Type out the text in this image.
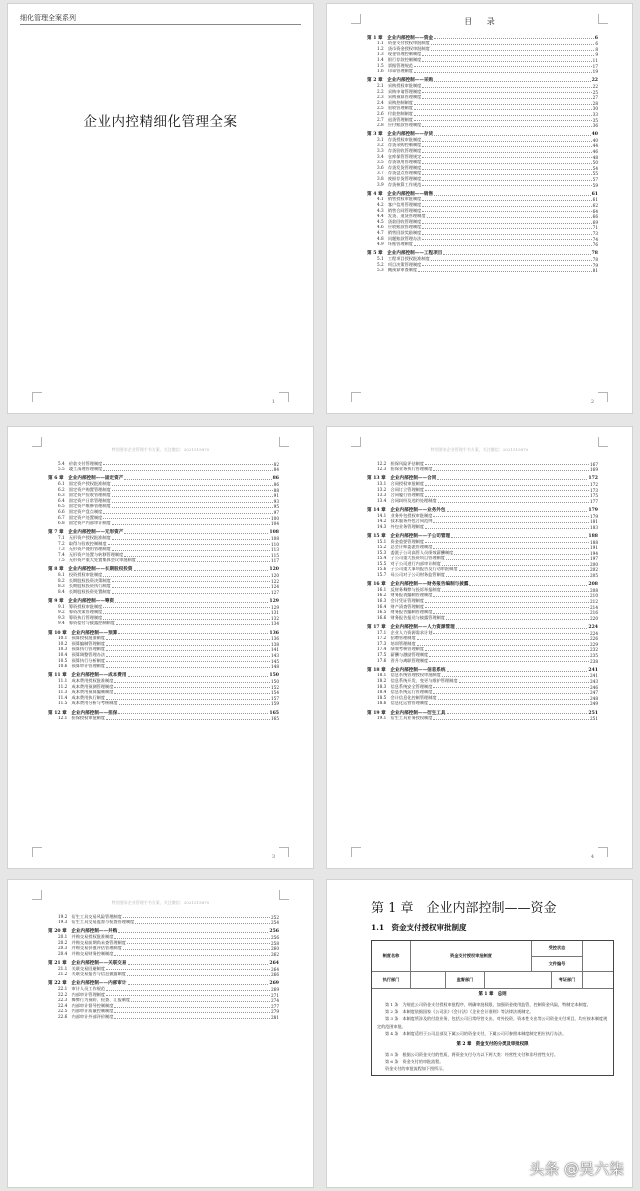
细化管理全案系列
企业内控精细化管理全案
1
目 录
第 1 章　企业内部控制——资金	6
1.1　资金支付授权审批制度	6
1.2　货币资金授权审批制度	8
1.3　现金管理控制制度	9
1.4　银行存款控制制度	11
1.5　票据管理规范	17
1.6　印章管理制度	19
第 2 章　企业内部控制——采购	22
2.1　采购授权审批制度	22
2.2　采购申请管理制度	25
2.3　采购预算管理制度	27
2.4　采购控制制度	28
2.5　验收管理制度	30
2.6　付款控制制度	33
2.7　退货管理制度	35
2.8　应付账款管理制度	36
第 3 章　企业内部控制——存货	40
3.1　存货授权审批制度	40
3.2　存货采购控制制度	44
3.3　存货验收管理制度	46
3.4　仓库保管管理规定	48
3.5　存货领用管理制度	50
3.6　存货发货管理制度	54
3.7　存货盘点管理制度	55
3.8　废损存货管理制度	57
3.9　存货核算工作规范	59
第 4 章　企业内部控制——销售	61
4.1　销售授权审批制度	61
4.2　客户信用管理制度	62
4.3　销售合同管理制度	64
4.4　发货、退货管理制度	66
4.5　货款回收管理制度	69
4.6　应收账款管理制度	71
4.7　销售回款奖励制度	73
4.8　问题账款管理办法	74
4.9　坏账管理制度	76
第 5 章　企业内部控制——工程项目	78
5.1　工程项目授权批准制度	78
5.2　项目决策管理制度	79
5.3　概预算审查制度	81
2
特别要求企业管理手书方案，关注微信：2021519870
5.4　价款支付管理制度	82
5.5　竣工清理管理制度	84
第 6 章　企业内部控制——固定资产	86
6.1　固定资产授权批准制度	86
6.2　固定资产购置管理制度	88
6.3　固定资产验收管理制度	91
6.4　固定资产日常管理制度	93
6.5　固定资产维修管理制度	95
6.6　固定资产盘点制度	97
6.7　固定资产处置制度	100
6.8　固定资产内部审计制度	104
第 7 章　企业内部控制——无形资产	108
7.1　无形资产授权批准制度	108
7.2　取得与验收控制制度	110
7.3　无形资产使用管理制度	113
7.4　无形资产处置与转移管理制度	115
7.5　无形资产重大处置集体会议审批制度	117
第 8 章　企业内部控制——长期股权投资	120
8.1　投资授权审批制度	120
8.2　长期股权投资决策制度	122
8.3　长期股权投资执行制度	124
8.4　长期股权投资处置制度	127
第 9 章　企业内部控制——筹资	129
9.1　筹资授权审批制度	129
9.2　筹资决策管理制度	131
9.3　筹资执行管理制度	132
9.4　筹资偿付与披露控制制度	134
第 10 章　企业内部控制——预算	136
10.1　预算授权批准制度	136
10.2　预算编制管理制度	138
10.3　预算执行管理制度	141
10.4　预算调整管理办法	143
10.5　预算执行分析制度	145
10.6　预算审计管理制度	148
第 11 章　企业内部控制——成本费用	150
11.1　成本费用授权批准制度	150
11.2　成本费用预测管理制度	152
11.3　成本费用预算编制制度	154
11.4　成本费用执行制度	157
11.5　成本费用分析与考核制度	159
第 12 章　企业内部控制——担保	165
12.1　担保授权审批制度	165
3
特别要求企业管理手书方案，关注微信：2021519870
12.2　担保风险评估制度	167
12.3　担保业务执行管理制度	169
第 13 章　企业内部控制——合同	172
13.1　合同授权审批制度	172
13.2　合同订立管理制度	173
13.3　合同履行管理制度	175
13.4　合同纠纷及违约处理制度	177
第 14 章　企业内部控制——业务外包	179
14.1　业务外包授权审批制度	179
14.2　技术服务外包合同范例	181
14.3　外包业务管理制度	183
第 15 章　企业内部控制——子公司管理	188
15.1　资金重要管理制度	188
15.2　总会计师委派管理制度	191
15.3　委派子公司高管人员绩效薪酬制度	194
15.4　子公司重大投资项目管理制度	197
15.5　对子公司进行内部审计制度	200
15.6　子公司重大事项报告及行动审批制度	202
15.7　母公司对子公司财务监管制度	205
第 16 章　企业内部控制——财务报告编制与披露	208
16.1　反财务舞弊与投诉举报制度	208
16.2　财务报表编制管理制度	210
16.3　会计凭证管理制度	212
16.4　财产清查管理制度	214
16.5　财务报告编制管理制度	216
16.6　财务报告报送与披露管理制度	220
第 17 章　企业内部控制——人力资源管理	224
17.1　企业人力资源需求计划	224
17.2　招聘管理制度	226
17.3　培训管理制度	229
17.4　绩效考核管理制度	232
17.5　薪酬与激励管理制度	235
17.6　晋升与离职管理制度	238
第 18 章　企业内部控制——信息系统	241
18.1　信息系统管理授权审批制度	241
18.2　信息系统开发、变更与维护管理制度	243
18.3　信息系统安全管理制度	246
18.4　信息系统运行管理制度	247
18.5　会计信息化控制管理制度	248
18.6　信息化运营管理制度	249
第 19 章　企业内部控制——衍生工具	251
19.1　衍生工具业务授权制度	251
4
特别要求企业管理手书方案，关注微信：2021519870
19.2　衍生工具交易风险管理制度	252
19.3　衍生工具交易监督与检查管理制度	254
第 20 章　企业内部控制——并购	256
20.1　并购交易授权批准制度	256
20.2　并购交易前期尚未查管理制度	258
20.3　并购交易价值评估管理制度	260
20.4　并购交易财务控制制度	262
第 21 章　企业内部控制——关联交易	264
21.1　关联交易回避制度	264
21.2　关联交易报告与信息披露制度	266
第 22 章　企业内部控制——内部审计	269
22.1　审计人员工作规范	269
22.2　内部审计管理制度	271
22.3　舞弊行为预防、检查、汇报制度	274
22.4　内部审计督导控制制度	277
22.5　内部审计质量控制制度	279
22.6　内部审计外部评价制度	281
第 1 章　企业内部控制——资金
1.1　资金支付授权审批制度
制度名称	资金支付授权审批制度
受控状态
文件编号
执行部门	监督部门	考证部门
第 1 章　总则
第 1 条　为规范公司资金支付授权审批程序，明确审批权限，加强资金使用监管，控制资金风险，特制定本制度。
第 2 条　本制度依据国家《公司法》《会计法》《企业会计准则》等法律法规制定。
第 3 条　本制度所涉及的付款业务，包括公司日常经营支出、对外投资、资本性支出等公司资金支付项目，均应按本制度规定的范围审批。
第 4 条　本制度适用于公司总部及下属公司的资金支付，下属公司可参照本制度制定相应执行办法。
第 2 章　资金支付的分类及审批权限
第 5 条　根据公司资金支付的性质，将资金支付分为以下两大类：经营性支付和非经营性支付。
第 6 条　资金支付的审批流程。
资金支付的审批流程如下图所示。
头条 @吴六柒
